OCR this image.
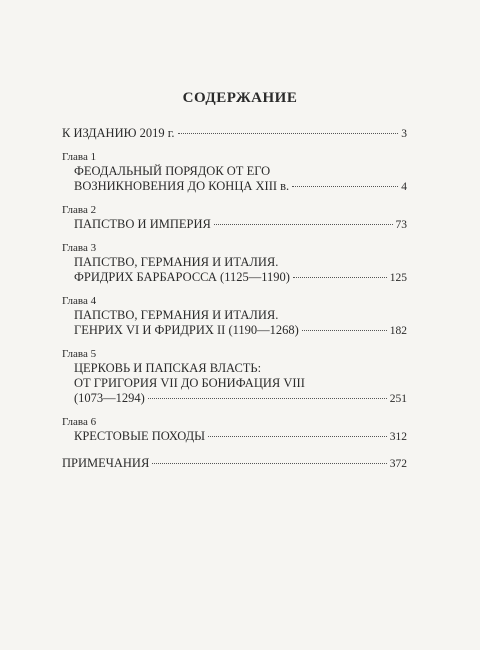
СОДЕРЖАНИЕ
К ИЗДАНИЮ 2019 г.	3
Глава 1
ФЕОДАЛЬНЫЙ ПОРЯДОК ОТ ЕГО
ВОЗНИКНОВЕНИЯ ДО КОНЦА XIII в.	4
Глава 2
ПАПСТВО И ИМПЕРИЯ	73
Глава 3
ПАПСТВО, ГЕРМАНИЯ И ИТАЛИЯ.
ФРИДРИХ БАРБАРОССА (1125—1190)	125
Глава 4
ПАПСТВО, ГЕРМАНИЯ И ИТАЛИЯ.
ГЕНРИХ VI И ФРИДРИХ II (1190—1268)	182
Глава 5
ЦЕРКОВЬ И ПАПСКАЯ ВЛАСТЬ:
ОТ ГРИГОРИЯ VII ДО БОНИФАЦИЯ VIII
(1073—1294)	251
Глава 6
КРЕСТОВЫЕ ПОХОДЫ	312
ПРИМЕЧАНИЯ	372
